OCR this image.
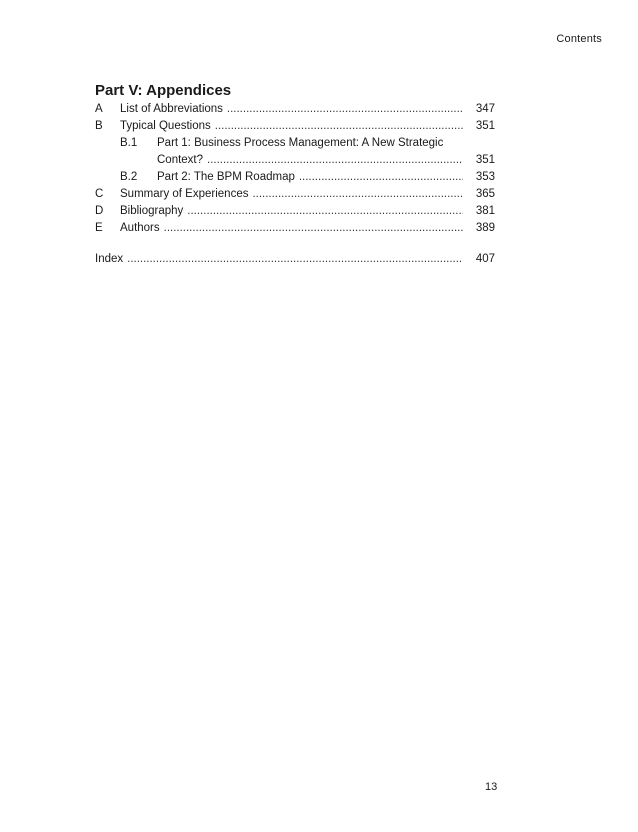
Contents
Part V: Appendices
A List of Abbreviations . . .	347
B Typical Questions . . .	351
B.1 Part 1: Business Process Management: A New Strategic
Context? . . .	351
B.2 Part 2: The BPM Roadmap . . .	353
C Summary of Experiences . . .	365
D Bibliography . . .	381
E Authors . . .	389
Index . . .	407
13
